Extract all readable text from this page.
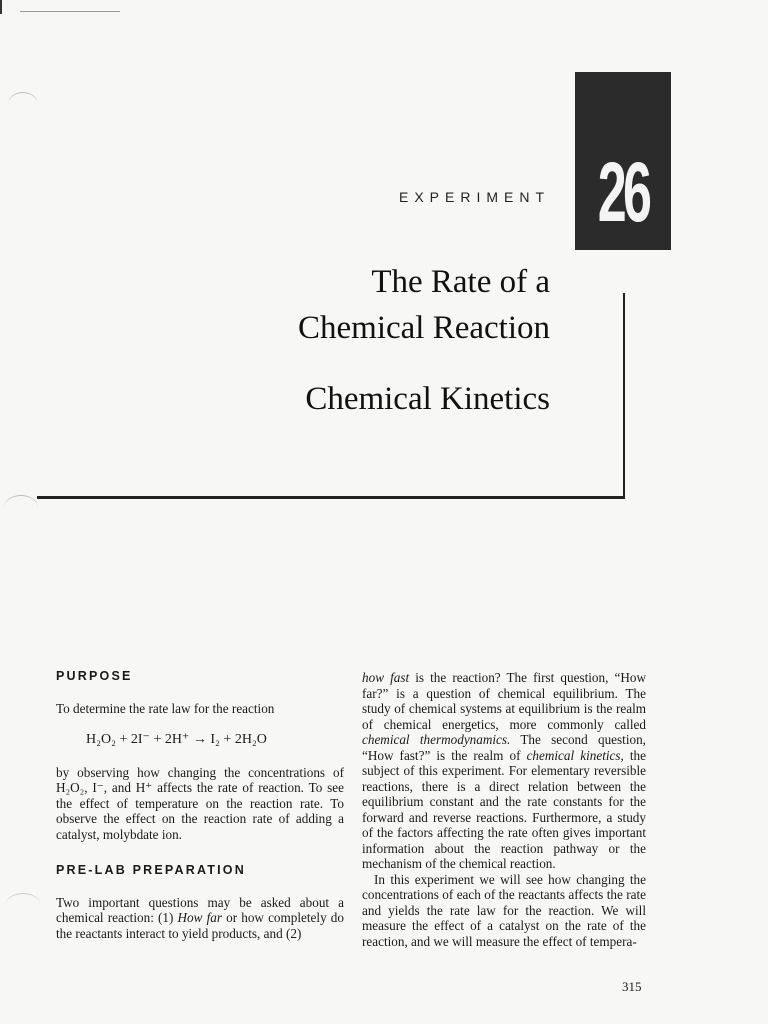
26
EXPERIMENT
The Rate of a
Chemical Reaction
Chemical Kinetics
PURPOSE

To determine the rate law for the reaction

H₂O₂ + 2I⁻ + 2H⁺ → I₂ + 2H₂O

by observing how changing the concentrations of H₂O₂, I⁻, and H⁺ affects the rate of reaction. To see the effect of temperature on the reaction rate. To observe the effect on the reaction rate of adding a catalyst, molybdate ion.

PRE-LAB PREPARATION

Two important questions may be asked about a chemical reaction: (1) How far or how completely do the reactants interact to yield products, and (2)

how fast is the reaction? The first question, “How far?” is a question of chemical equilibrium. The study of chemical systems at equilibrium is the realm of chemical energetics, more commonly called chemical thermodynamics. The second question, “How fast?” is the realm of chemical kinetics, the subject of this experiment. For elementary reversible reactions, there is a direct relation between the equilibrium constant and the rate constants for the forward and reverse reactions. Furthermore, a study of the factors affecting the rate often gives important information about the reaction pathway or the mechanism of the chemical reaction.

In this experiment we will see how changing the concentrations of each of the reactants affects the rate and yields the rate law for the reaction. We will measure the effect of a catalyst on the rate of the reaction, and we will measure the effect of tempera-

315
